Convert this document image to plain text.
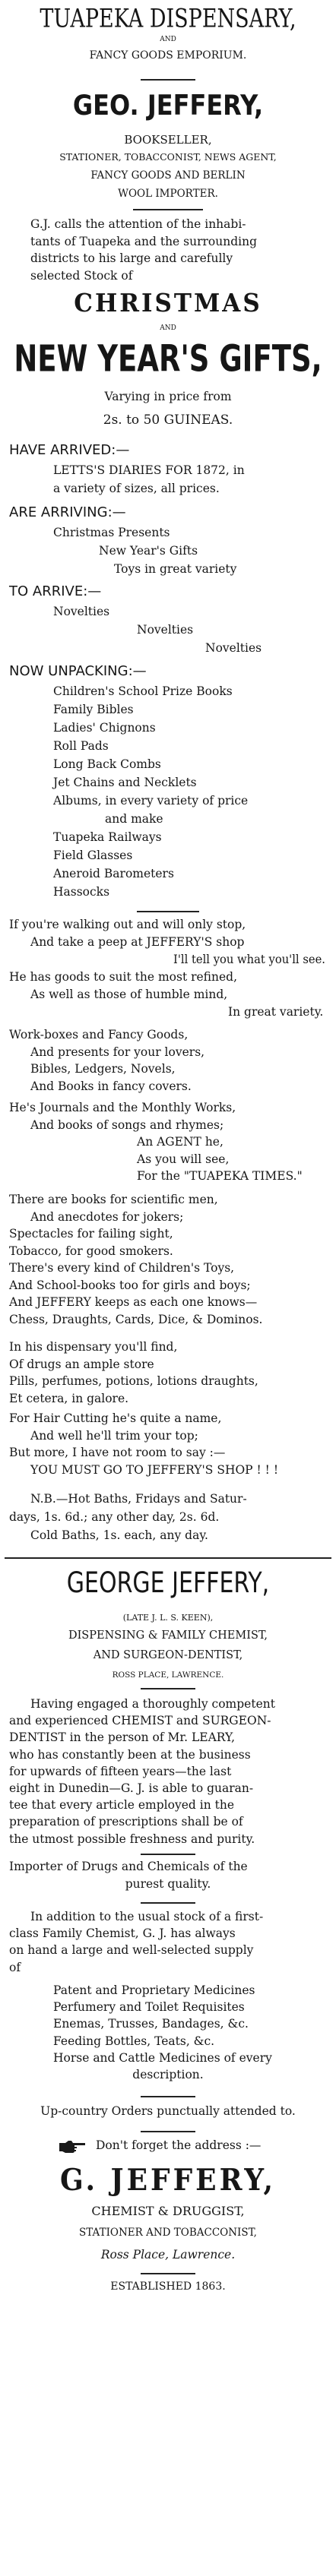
TUAPEKA DISPENSARY,
AND
FANCY GOODS EMPORIUM.
GEO. JEFFERY,
BOOKSELLER,
STATIONER, TOBACCONIST, NEWS AGENT,
FANCY GOODS AND BERLIN
WOOL IMPORTER.
G.J. calls the attention of the inhabi-
tants of Tuapeka and the surrounding
districts to his large and carefully
selected Stock of
CHRISTMAS
AND
NEW YEAR'S GIFTS,
Varying in price from
2s. to 50 GUINEAS.
HAVE ARRIVED:—
LETTS'S DIARIES FOR 1872, in
a variety of sizes, all prices.
ARE ARRIVING:—
Christmas Presents
New Year's Gifts
Toys in great variety
TO ARRIVE:—
Novelties
Novelties
Novelties
NOW UNPACKING:—
Children's School Prize Books
Family Bibles
Ladies' Chignons
Roll Pads
Long Back Combs
Jet Chains and Necklets
Albums, in every variety of price
and make
Tuapeka Railways
Field Glasses
Aneroid Barometers
Hassocks
If you're walking out and will only stop,
And take a peep at JEFFERY'S shop
I'll tell you what you'll see.
He has goods to suit the most refined,
As well as those of humble mind,
In great variety.
Work-boxes and Fancy Goods,
And presents for your lovers,
Bibles, Ledgers, Novels,
And Books in fancy covers.
He's Journals and the Monthly Works,
And books of songs and rhymes;
An AGENT he,
As you will see,
For the "TUAPEKA TIMES."
There are books for scientific men,
And anecdotes for jokers;
Spectacles for failing sight,
Tobacco, for good smokers.
There's every kind of Children's Toys,
And School-books too for girls and boys;
And JEFFERY keeps as each one knows—
Chess, Draughts, Cards, Dice, & Dominos.
In his dispensary you'll find,
Of drugs an ample store
Pills, perfumes, potions, lotions draughts,
Et cetera, in galore.
For Hair Cutting he's quite a name,
And well he'll trim your top;
But more, I have not room to say :—
YOU MUST GO TO JEFFERY'S SHOP ! ! !
N.B.—Hot Baths, Fridays and Satur-
days, 1s. 6d.; any other day, 2s. 6d.
Cold Baths, 1s. each, any day.
GEORGE JEFFERY,
(LATE J. L. S. KEEN),
DISPENSING & FAMILY CHEMIST,
AND SURGEON-DENTIST,
ROSS PLACE, LAWRENCE.
Having engaged a thoroughly competent
and experienced CHEMIST and SURGEON-
DENTIST in the person of Mr. LEARY,
who has constantly been at the business
for upwards of fifteen years—the last
eight in Dunedin—G. J. is able to guaran-
tee that every article employed in the
preparation of prescriptions shall be of
the utmost possible freshness and purity.
Importer of Drugs and Chemicals of the
purest quality.
In addition to the usual stock of a first-
class Family Chemist, G. J. has always
on hand a large and well-selected supply
of
Patent and Proprietary Medicines
Perfumery and Toilet Requisites
Enemas, Trusses, Bandages, &c.
Feeding Bottles, Teats, &c.
Horse and Cattle Medicines of every
description.
Up-country Orders punctually attended to.
Don't forget the address :—
G. JEFFERY,
CHEMIST & DRUGGIST,
STATIONER AND TOBACCONIST,
Ross Place, Lawrence.
ESTABLISHED 1863.
